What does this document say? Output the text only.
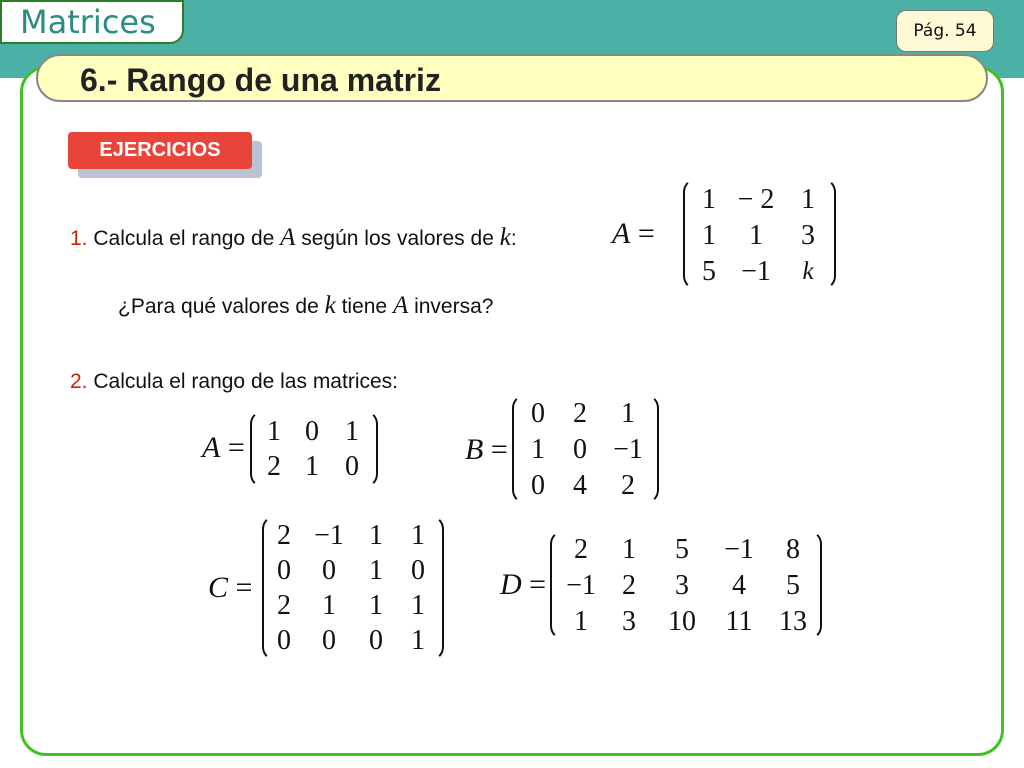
Matrices	Pág. 54
6.- Rango de una matriz
EJERCICIOS
1. Calcula el rango de A según los valores de k:
¿Para qué valores de k tiene A inversa?
A =
1 − 2 1
1	1	3
5 −1	k
2. Calcula el rango de las matrices:
A = 1 0 1
2 1 0
B =
0	2	1
1	0 −1
0	4	2
C =
2 −1 1	1
0	0	1	0
2	1	1	1
0	0	0	1
D =
2	1	5	−1	8
−1 2	3	4	5
1	3	10	11 13
